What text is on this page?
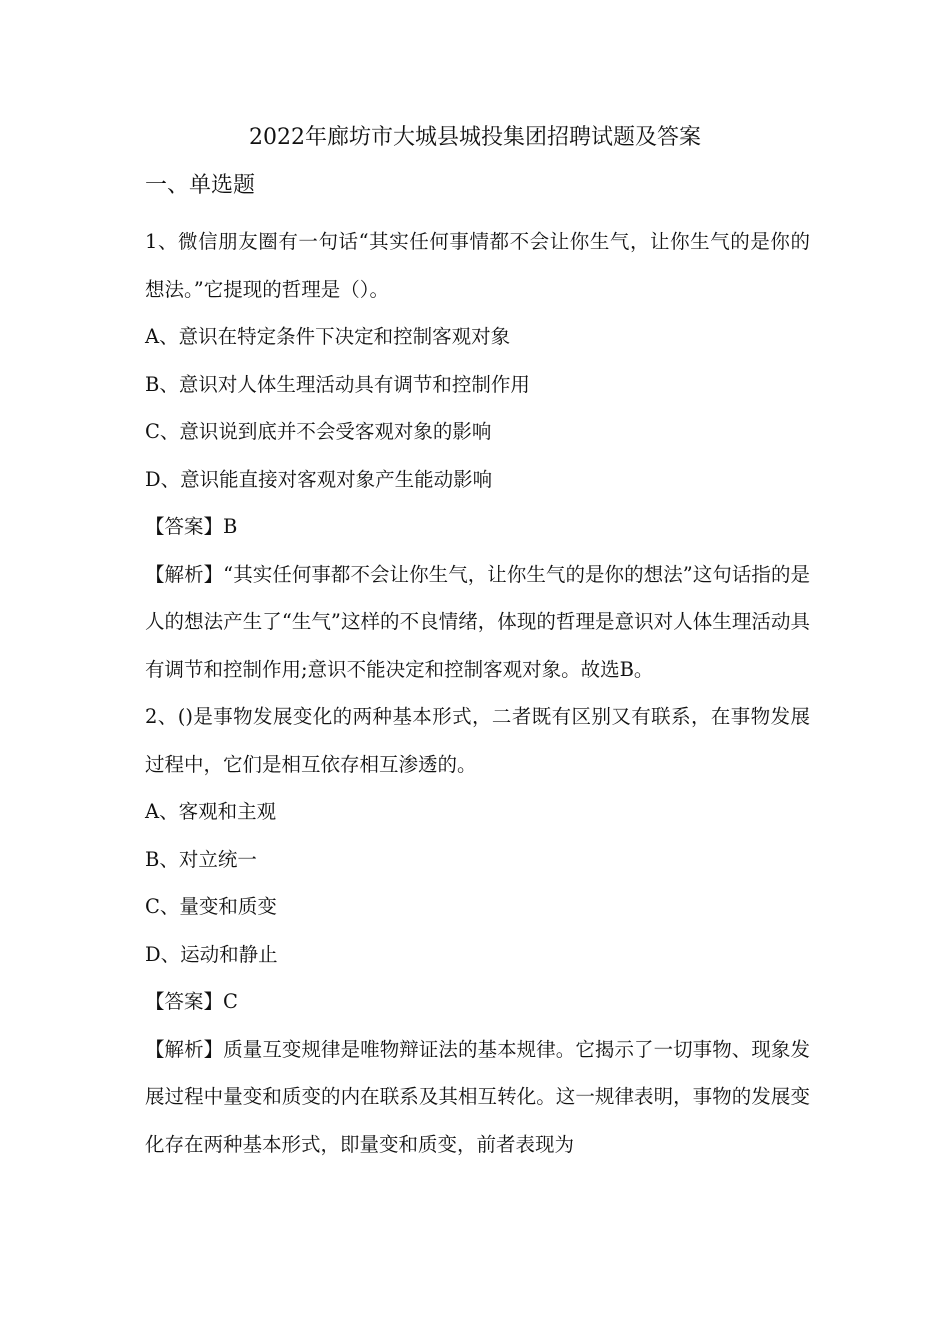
2022年廊坊市大城县城投集团招聘试题及答案
一、单选题

1、微信朋友圈有一句话“其实任何事情都不会让你生气，让你生气的是你的想法。”它提现的哲理是（）。

A、意识在特定条件下决定和控制客观对象

B、意识对人体生理活动具有调节和控制作用

C、意识说到底并不会受客观对象的影响

D、意识能直接对客观对象产生能动影响

【答案】B

【解析】“其实任何事都不会让你生气，让你生气的是你的想法”这句话指的是人的想法产生了“生气”这样的不良情绪，体现的哲理是意识对人体生理活动具有调节和控制作用;意识不能决定和控制客观对象。故选B。

2、()是事物发展变化的两种基本形式，二者既有区别又有联系，在事物发展过程中，它们是相互依存相互渗透的。

A、客观和主观

B、对立统一

C、量变和质变

D、运动和静止

【答案】C

【解析】质量互变规律是唯物辩证法的基本规律。它揭示了一切事物、现象发展过程中量变和质变的内在联系及其相互转化。这一规律表明，事物的发展变化存在两种基本形式，即量变和质变，前者表现为
